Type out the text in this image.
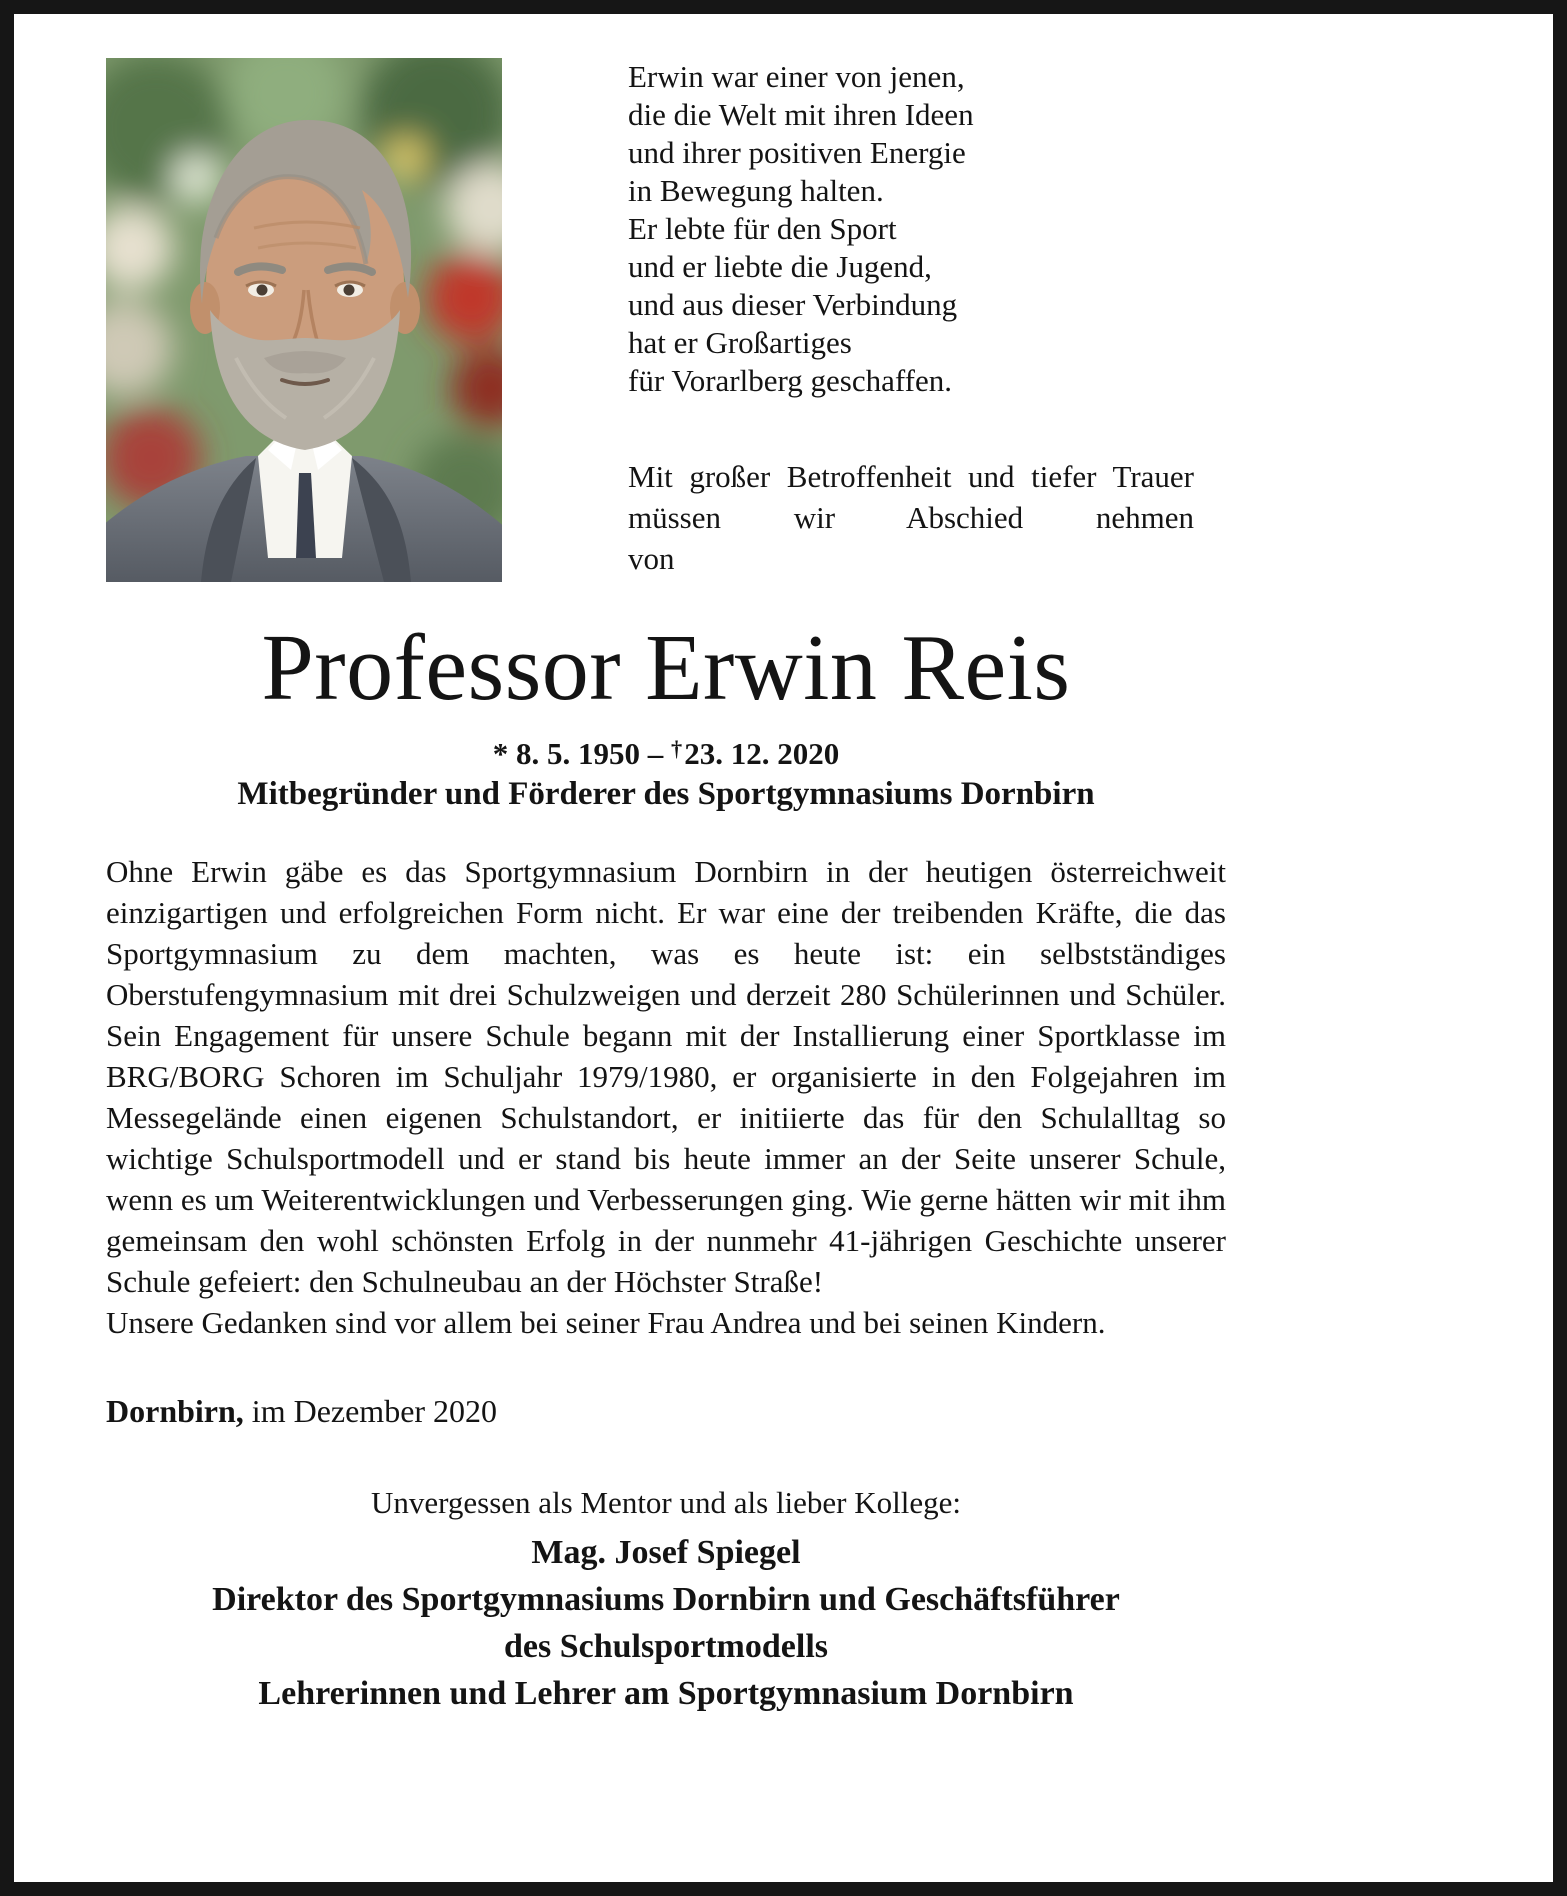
Erwin war einer von jenen,
die die Welt mit ihren Ideen
und ihrer positiven Energie
in Bewegung halten.
Er lebte für den Sport
und er liebte die Jugend,
und aus dieser Verbindung
hat er Großartiges
für Vorarlberg geschaffen.
Mit großer Betroffenheit und tiefer Trauer müssen wir Abschied nehmen
von
Professor Erwin Reis
* 8. 5. 1950 – †23. 12. 2020
Mitbegründer und Förderer des Sportgymnasiums Dornbirn

Ohne Erwin gäbe es das Sportgymnasium Dornbirn in der heutigen österreichweit einzigartigen und erfolgreichen Form nicht. Er war eine der treibenden Kräfte, die das Sportgymnasium zu dem machten, was es heute ist: ein selbstständiges Oberstufengymnasium mit drei Schulzweigen und derzeit 280 Schülerinnen und Schüler. Sein Engagement für unsere Schule begann mit der Installierung einer Sportklasse im BRG/BORG Schoren im Schuljahr 1979/1980, er organisierte in den Folgejahren im Messegelände einen eigenen Schulstandort, er initiierte das für den Schulalltag so wichtige Schulsportmodell und er stand bis heute immer an der Seite unserer Schule, wenn es um Weiterentwicklungen und Verbesserungen ging. Wie gerne hätten wir mit ihm gemeinsam den wohl schönsten Erfolg in der nunmehr 41-jährigen Geschichte unserer Schule gefeiert: den Schulneubau an der Höchster Straße!

Unsere Gedanken sind vor allem bei seiner Frau Andrea und bei seinen Kindern.

Dornbirn, im Dezember 2020
Unvergessen als Mentor und als lieber Kollege:
Mag. Josef Spiegel
Direktor des Sportgymnasiums Dornbirn und Geschäftsführer
des Schulsportmodells
Lehrerinnen und Lehrer am Sportgymnasium Dornbirn
